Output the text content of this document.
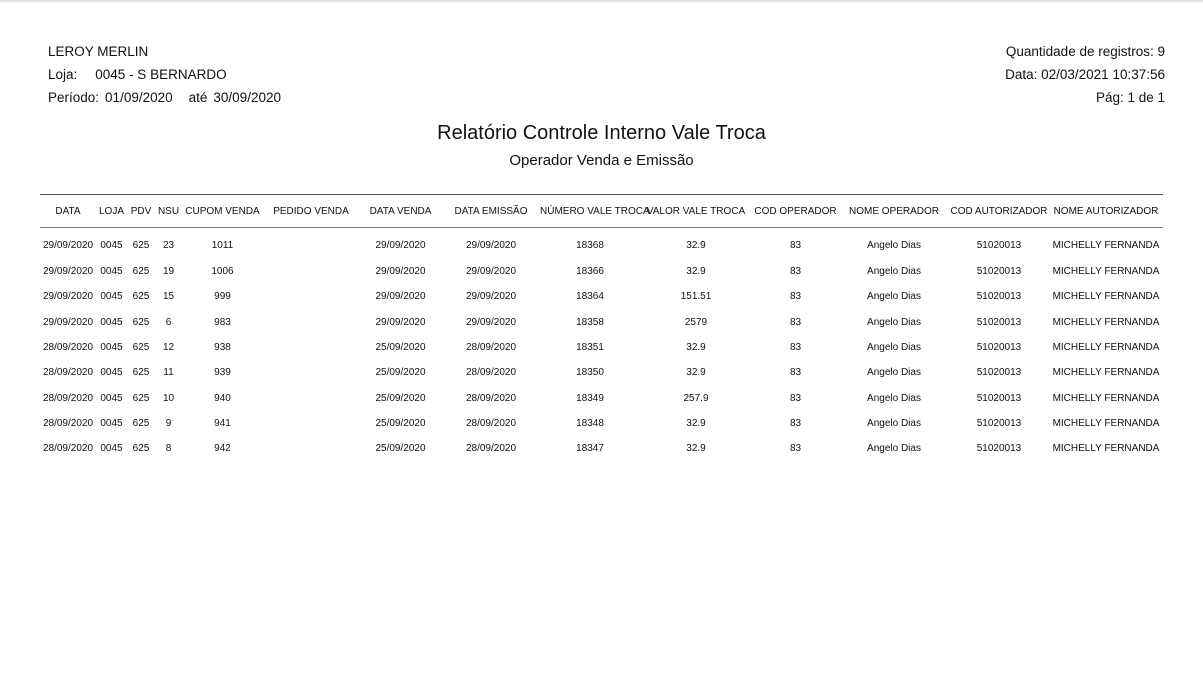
LEROY MERLIN
Loja: 0045 - S BERNARDO
Período: 01/09/2020 até 30/09/2020
Quantidade de registros: 9
Data: 02/03/2021 10:37:56
Pág: 1 de 1
Relatório Controle Interno Vale Troca
Operador Venda e Emissão
DATA	LOJA	PDV	NSU	CUPOM VENDA	PEDIDO VENDA	DATA VENDA	DATA EMISSÃO	NÚMERO VALE TROCA	VALOR VALE TROCA	COD OPERADOR	NOME OPERADOR	COD AUTORIZADOR	NOME AUTORIZADOR
29/09/2020	0045	625	23	1011		29/09/2020	29/09/2020	18368	32.9	83	Angelo Dias	51020013	MICHELLY FERNANDA
29/09/2020	0045	625	19	1006		29/09/2020	29/09/2020	18366	32.9	83	Angelo Dias	51020013	MICHELLY FERNANDA
29/09/2020	0045	625	15	999		29/09/2020	29/09/2020	18364	151.51	83	Angelo Dias	51020013	MICHELLY FERNANDA
29/09/2020	0045	625	6	983		29/09/2020	29/09/2020	18358	2579	83	Angelo Dias	51020013	MICHELLY FERNANDA
28/09/2020	0045	625	12	938		25/09/2020	28/09/2020	18351	32.9	83	Angelo Dias	51020013	MICHELLY FERNANDA
28/09/2020	0045	625	11	939		25/09/2020	28/09/2020	18350	32.9	83	Angelo Dias	51020013	MICHELLY FERNANDA
28/09/2020	0045	625	10	940		25/09/2020	28/09/2020	18349	257.9	83	Angelo Dias	51020013	MICHELLY FERNANDA
28/09/2020	0045	625	9	941		25/09/2020	28/09/2020	18348	32.9	83	Angelo Dias	51020013	MICHELLY FERNANDA
28/09/2020	0045	625	8	942		25/09/2020	28/09/2020	18347	32.9	83	Angelo Dias	51020013	MICHELLY FERNANDA
